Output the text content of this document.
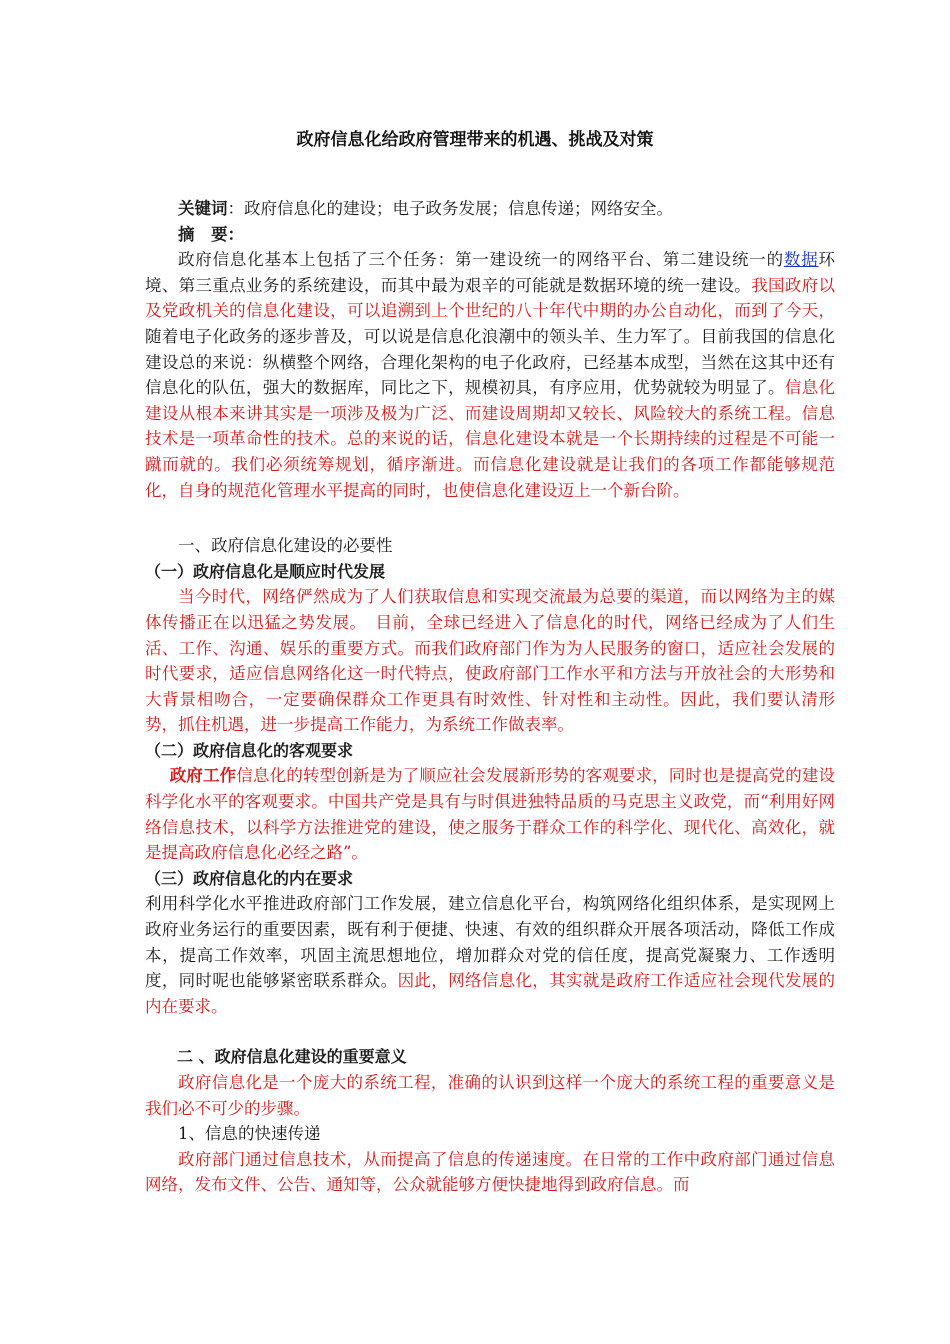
政府信息化给政府管理带来的机遇、挑战及对策

关键词：政府信息化的建设；电子政务发展；信息传递；网络安全。

摘　要：

政府信息化基本上包括了三个任务：第一建设统一的网络平台、第二建设统一的数据环境、第三重点业务的系统建设，而其中最为艰辛的可能就是数据环境的统一建设。我国政府以及党政机关的信息化建设，可以追溯到上个世纪的八十年代中期的办公自动化，而到了今天，随着电子化政务的逐步普及，可以说是信息化浪潮中的领头羊、生力军了。目前我国的信息化建设总的来说：纵横整个网络，合理化架构的电子化政府，已经基本成型，当然在这其中还有信息化的队伍，强大的数据库，同比之下，规模初具，有序应用，优势就较为明显了。信息化建设从根本来讲其实是一项涉及极为广泛、而建设周期却又较长、风险较大的系统工程。信息技术是一项革命性的技术。总的来说的话，信息化建设本就是一个长期持续的过程是不可能一蹴而就的。我们必须统筹规划，循序渐进。而信息化建设就是让我们的各项工作都能够规范化，自身的规范化管理水平提高的同时，也使信息化建设迈上一个新台阶。

一、政府信息化建设的必要性

（一）政府信息化是顺应时代发展

当今时代，网络俨然成为了人们获取信息和实现交流最为总要的渠道，而以网络为主的媒体传播正在以迅猛之势发展。　目前，全球已经进入了信息化的时代，网络已经成为了人们生活、工作、沟通、娱乐的重要方式。而我们政府部门作为为人民服务的窗口，适应社会发展的时代要求，适应信息网络化这一时代特点，使政府部门工作水平和方法与开放社会的大形势和大背景相吻合，一定要确保群众工作更具有时效性、针对性和主动性。因此，我们要认清形势，抓住机遇，进一步提高工作能力，为系统工作做表率。

（二）政府信息化的客观要求

政府工作信息化的转型创新是为了顺应社会发展新形势的客观要求，同时也是提高党的建设科学化水平的客观要求。中国共产党是具有与时俱进独特品质的马克思主义政党，而“利用好网络信息技术，以科学方法推进党的建设，使之服务于群众工作的科学化、现代化、高效化，就是提高政府信息化必经之路”。

（三）政府信息化的内在要求

利用科学化水平推进政府部门工作发展，建立信息化平台，构筑网络化组织体系，是实现网上政府业务运行的重要因素，既有利于便捷、快速、有效的组织群众开展各项活动，降低工作成本，提高工作效率，巩固主流思想地位，增加群众对党的信任度，提高党凝聚力、工作透明度，同时呢也能够紧密联系群众。因此，网络信息化，其实就是政府工作适应社会现代发展的内在要求。

二 、政府信息化建设的重要意义

政府信息化是一个庞大的系统工程，准确的认识到这样一个庞大的系统工程的重要意义是我们必不可少的步骤。

1、信息的快速传递

政府部门通过信息技术，从而提高了信息的传递速度。在日常的工作中政府部门通过信息网络，发布文件、公告、通知等，公众就能够方便快捷地得到政府信息。而
